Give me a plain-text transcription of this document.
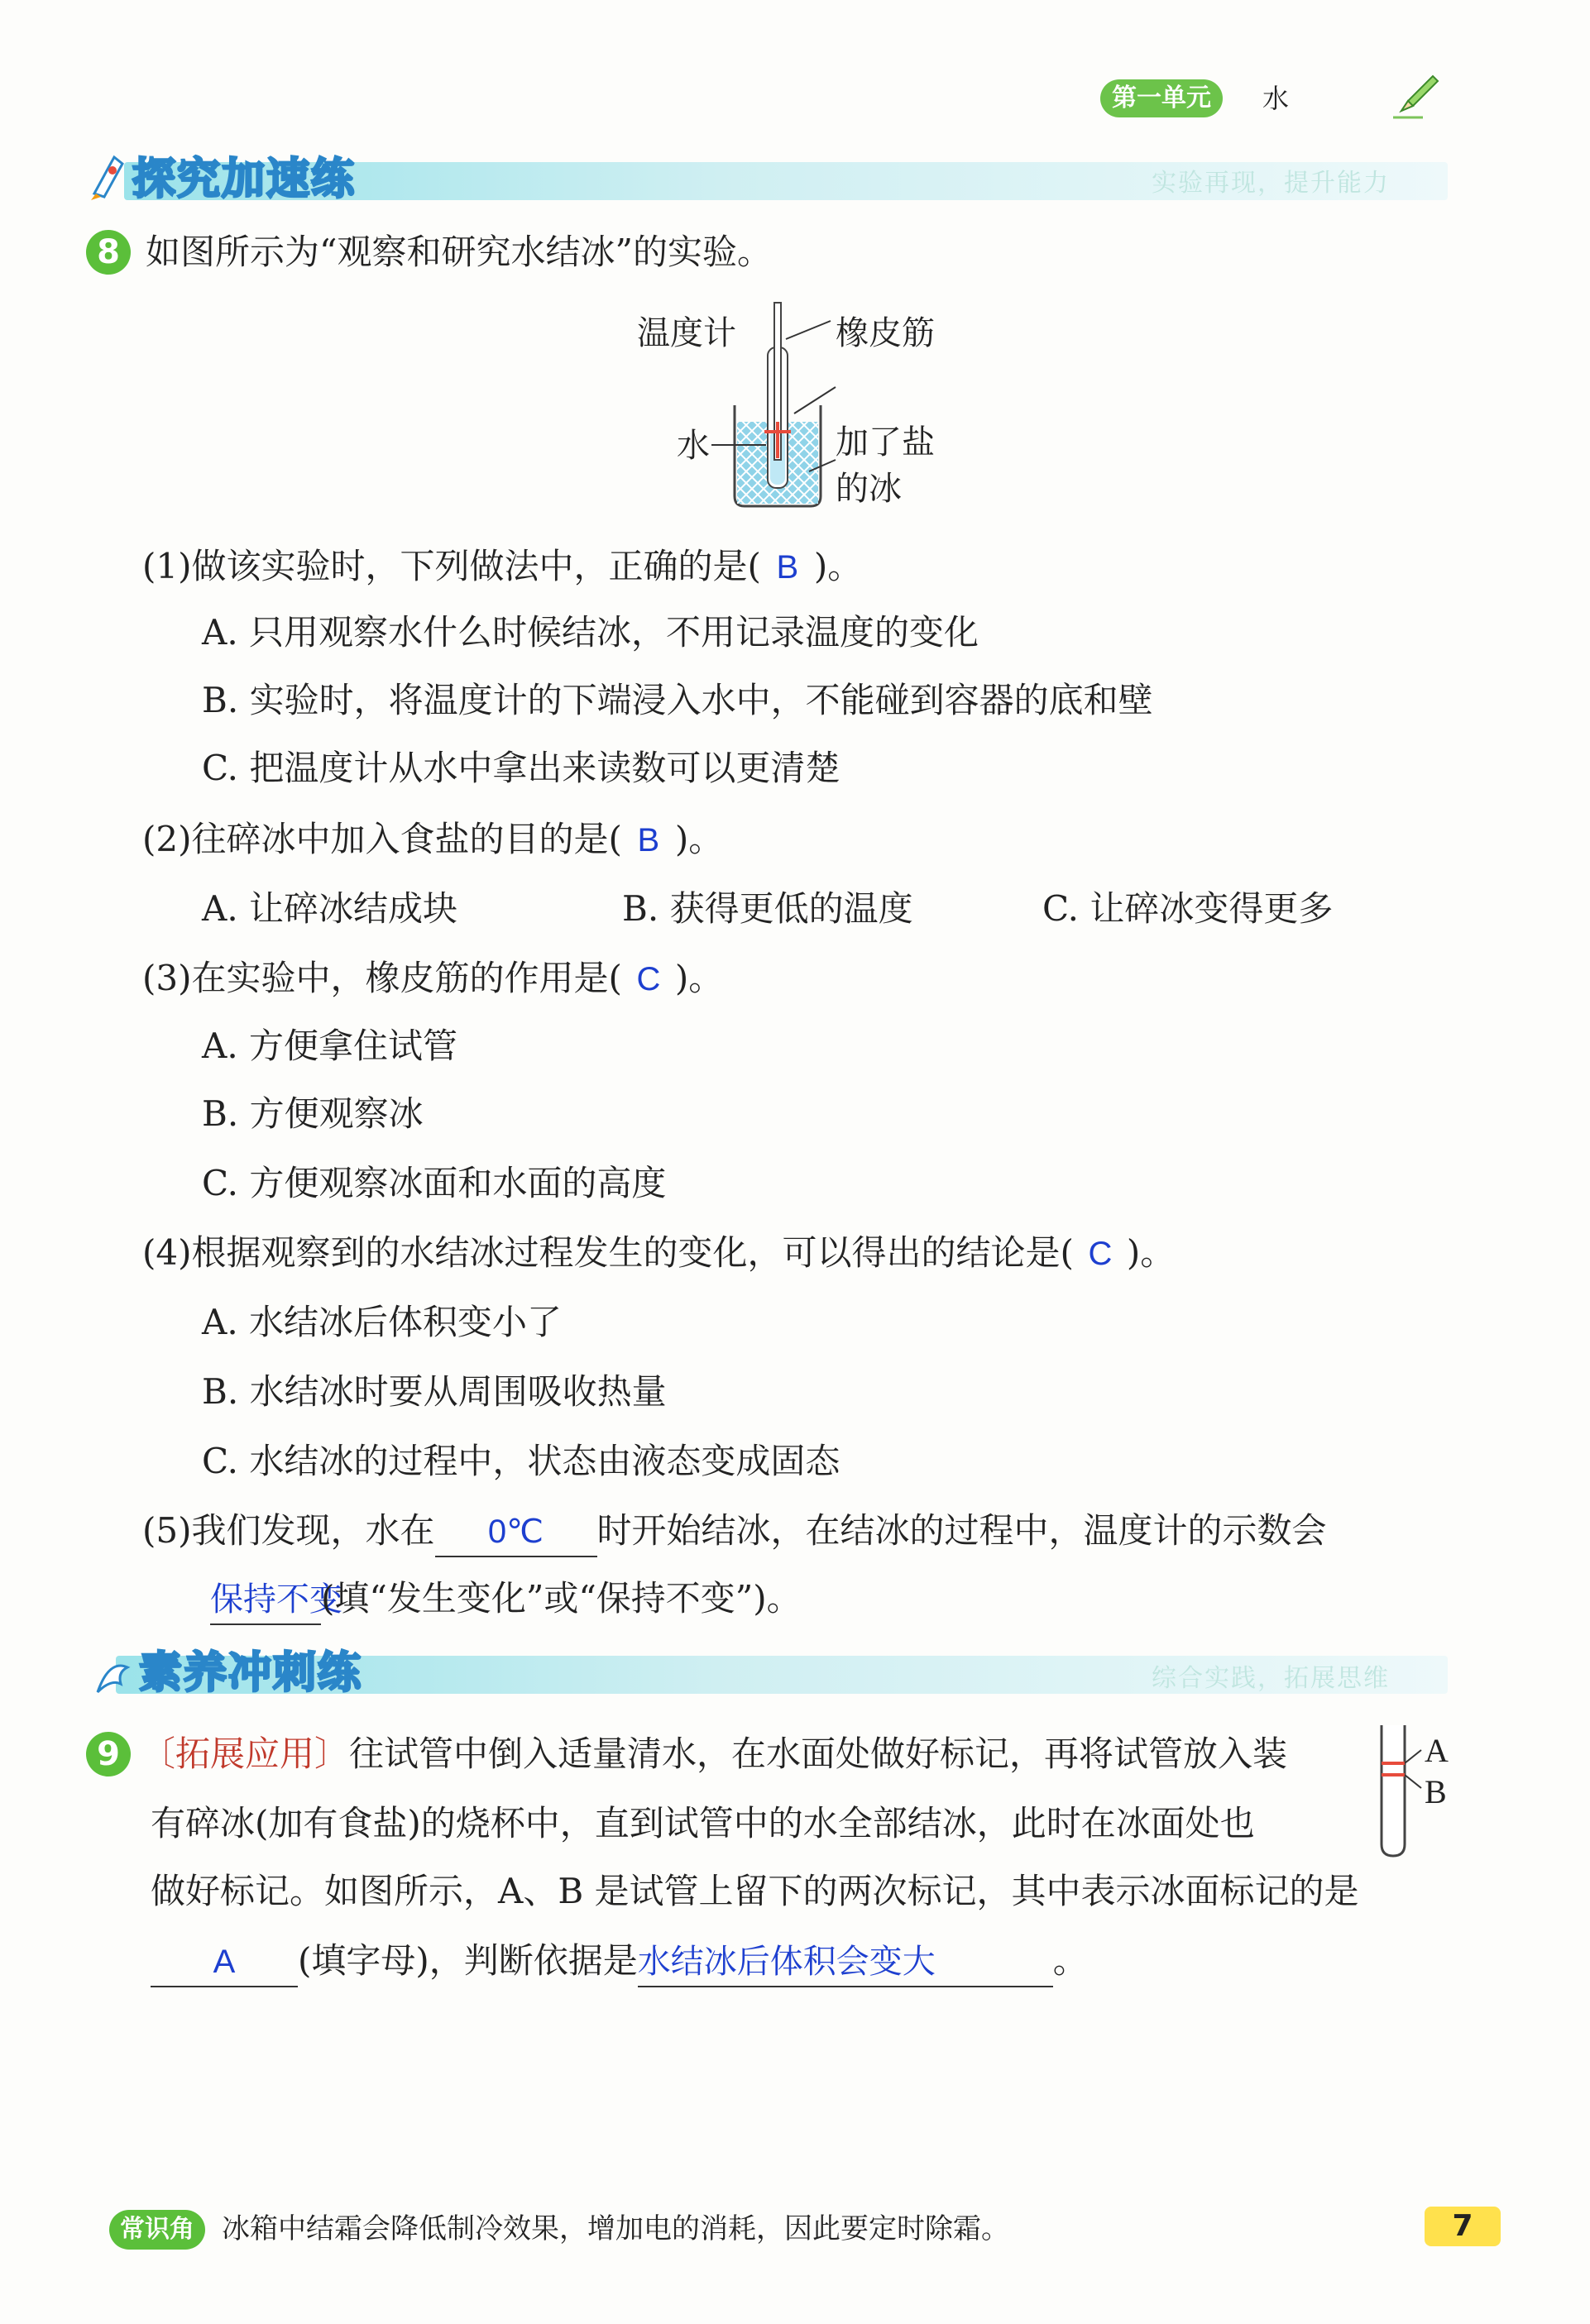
第一单元	水
探究加速练	实验再现，提升能力
8 如图所示为“观察和研究水结冰”的实验。
温度计	橡皮筋
水	加了盐
的冰
(1)做该实验时，下列做法中，正确的是( B )。
A. 只用观察水什么时候结冰，不用记录温度的变化
B. 实验时，将温度计的下端浸入水中，不能碰到容器的底和壁
C. 把温度计从水中拿出来读数可以更清楚
(2)往碎冰中加入食盐的目的是( B )。
A. 让碎冰结成块	B. 获得更低的温度	C. 让碎冰变得更多
(3)在实验中，橡皮筋的作用是( C )。
A. 方便拿住试管
B. 方便观察冰
C. 方便观察冰面和水面的高度
(4)根据观察到的水结冰过程发生的变化，可以得出的结论是( C )。
A. 水结冰后体积变小了
B. 水结冰时要从周围吸收热量
C. 水结冰的过程中，状态由液态变成固态
(5)我们发现，水在 0℃ 时开始结冰，在结冰的过程中，温度计的示数会
保持不变(填“发生变化”或“保持不变”)。
素养冲刺练	综合实践，拓展思维
9 〔拓展应用〕往试管中倒入适量清水，在水面处做好标记，再将试管放入装
有碎冰(加有食盐)的烧杯中，直到试管中的水全部结冰，此时在冰面处也
做好标记。如图所示，A、B 是试管上留下的两次标记，其中表示冰面标记的是
A (填字母)，判断依据是水结冰后体积会变大	。
A
B
常识角 冰箱中结霜会降低制冷效果，增加电的消耗，因此要定时除霜。	7
